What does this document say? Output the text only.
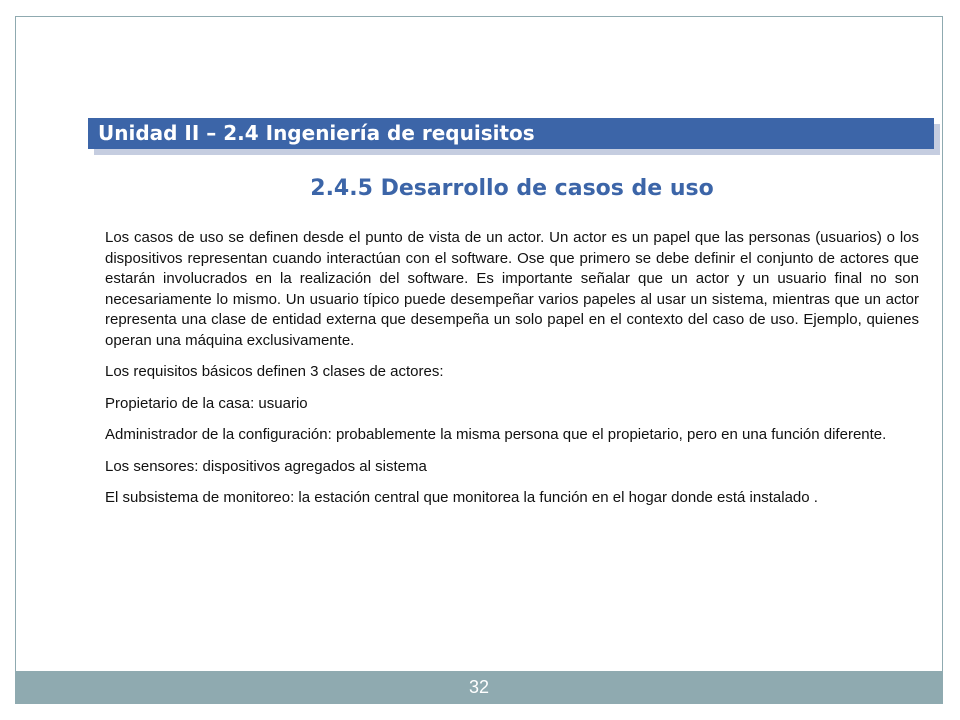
Unidad II – 2.4 Ingeniería de requisitos
2.4.5 Desarrollo de casos de uso

Los casos de uso se definen desde el punto de vista de un actor. Un actor es un papel que las personas (usuarios) o los dispositivos representan cuando interactúan con el software. Ose que primero se debe definir el conjunto de actores que estarán involucrados en la realización del software. Es importante señalar que un actor y un usuario final no son necesariamente lo mismo. Un usuario típico puede desempeñar varios papeles al usar un sistema, mientras que un actor representa una clase de entidad externa que desempeña un solo papel en el contexto del caso de uso. Ejemplo, quienes operan una máquina exclusivamente.

Los requisitos básicos definen 3 clases de actores:

Propietario de la casa: usuario

Administrador de la configuración: probablemente la misma persona que el propietario, pero en una función diferente.

Los sensores: dispositivos agregados al sistema

El subsistema de monitoreo: la estación central que monitorea la función en el hogar donde está instalado .

32
